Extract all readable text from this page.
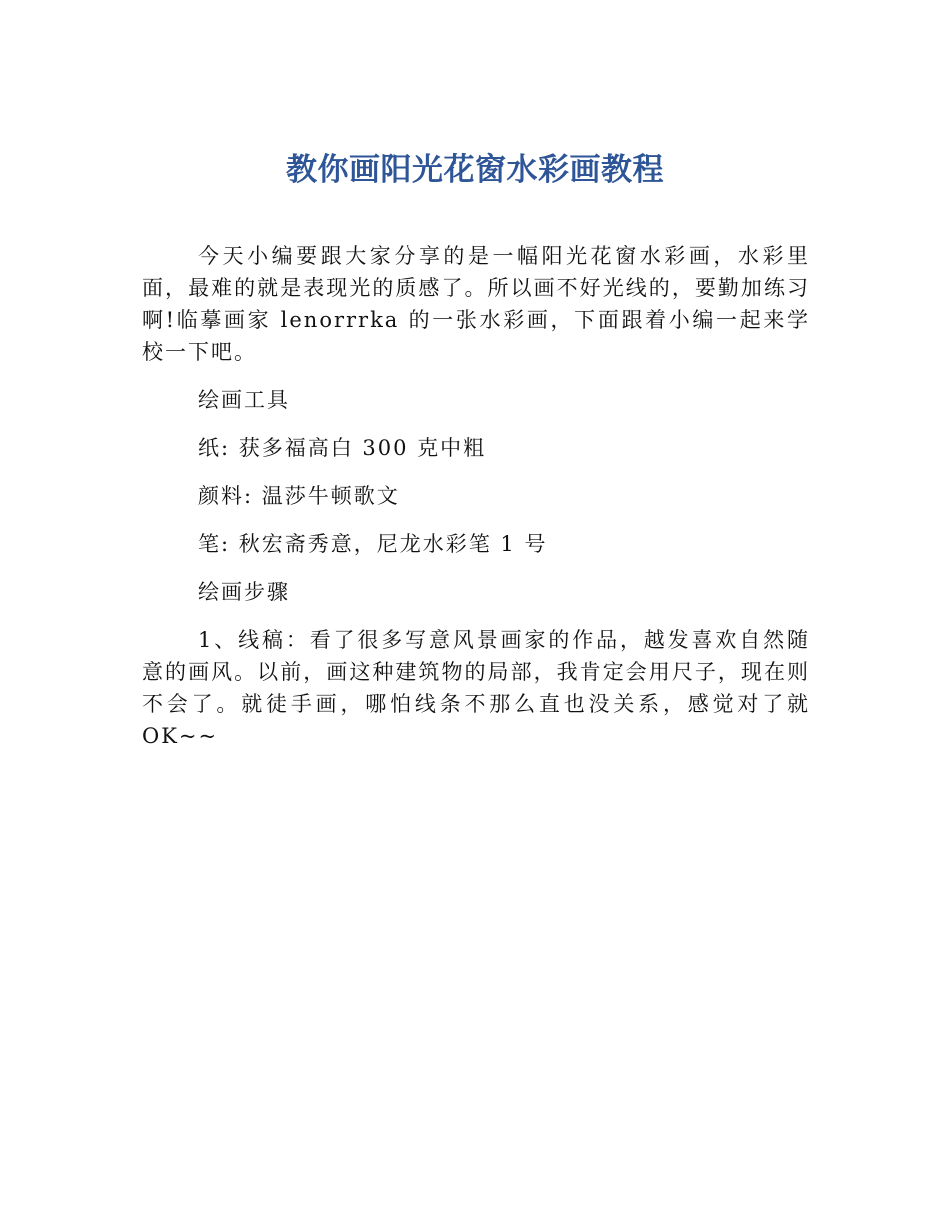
教你画阳光花窗水彩画教程

今天小编要跟大家分享的是一幅阳光花窗水彩画，水彩里面，最难的就是表现光的质感了。所以画不好光线的，要勤加练习啊!临摹画家 lenorrrka 的一张水彩画，下面跟着小编一起来学校一下吧。

绘画工具

纸: 获多福高白 300 克中粗

颜料: 温莎牛顿歌文

笔: 秋宏斋秀意，尼龙水彩笔 1 号

绘画步骤

1、线稿：看了很多写意风景画家的作品，越发喜欢自然随意的画风。以前，画这种建筑物的局部，我肯定会用尺子，现在则不会了。就徒手画，哪怕线条不那么直也没关系，感觉对了就 OK~~
